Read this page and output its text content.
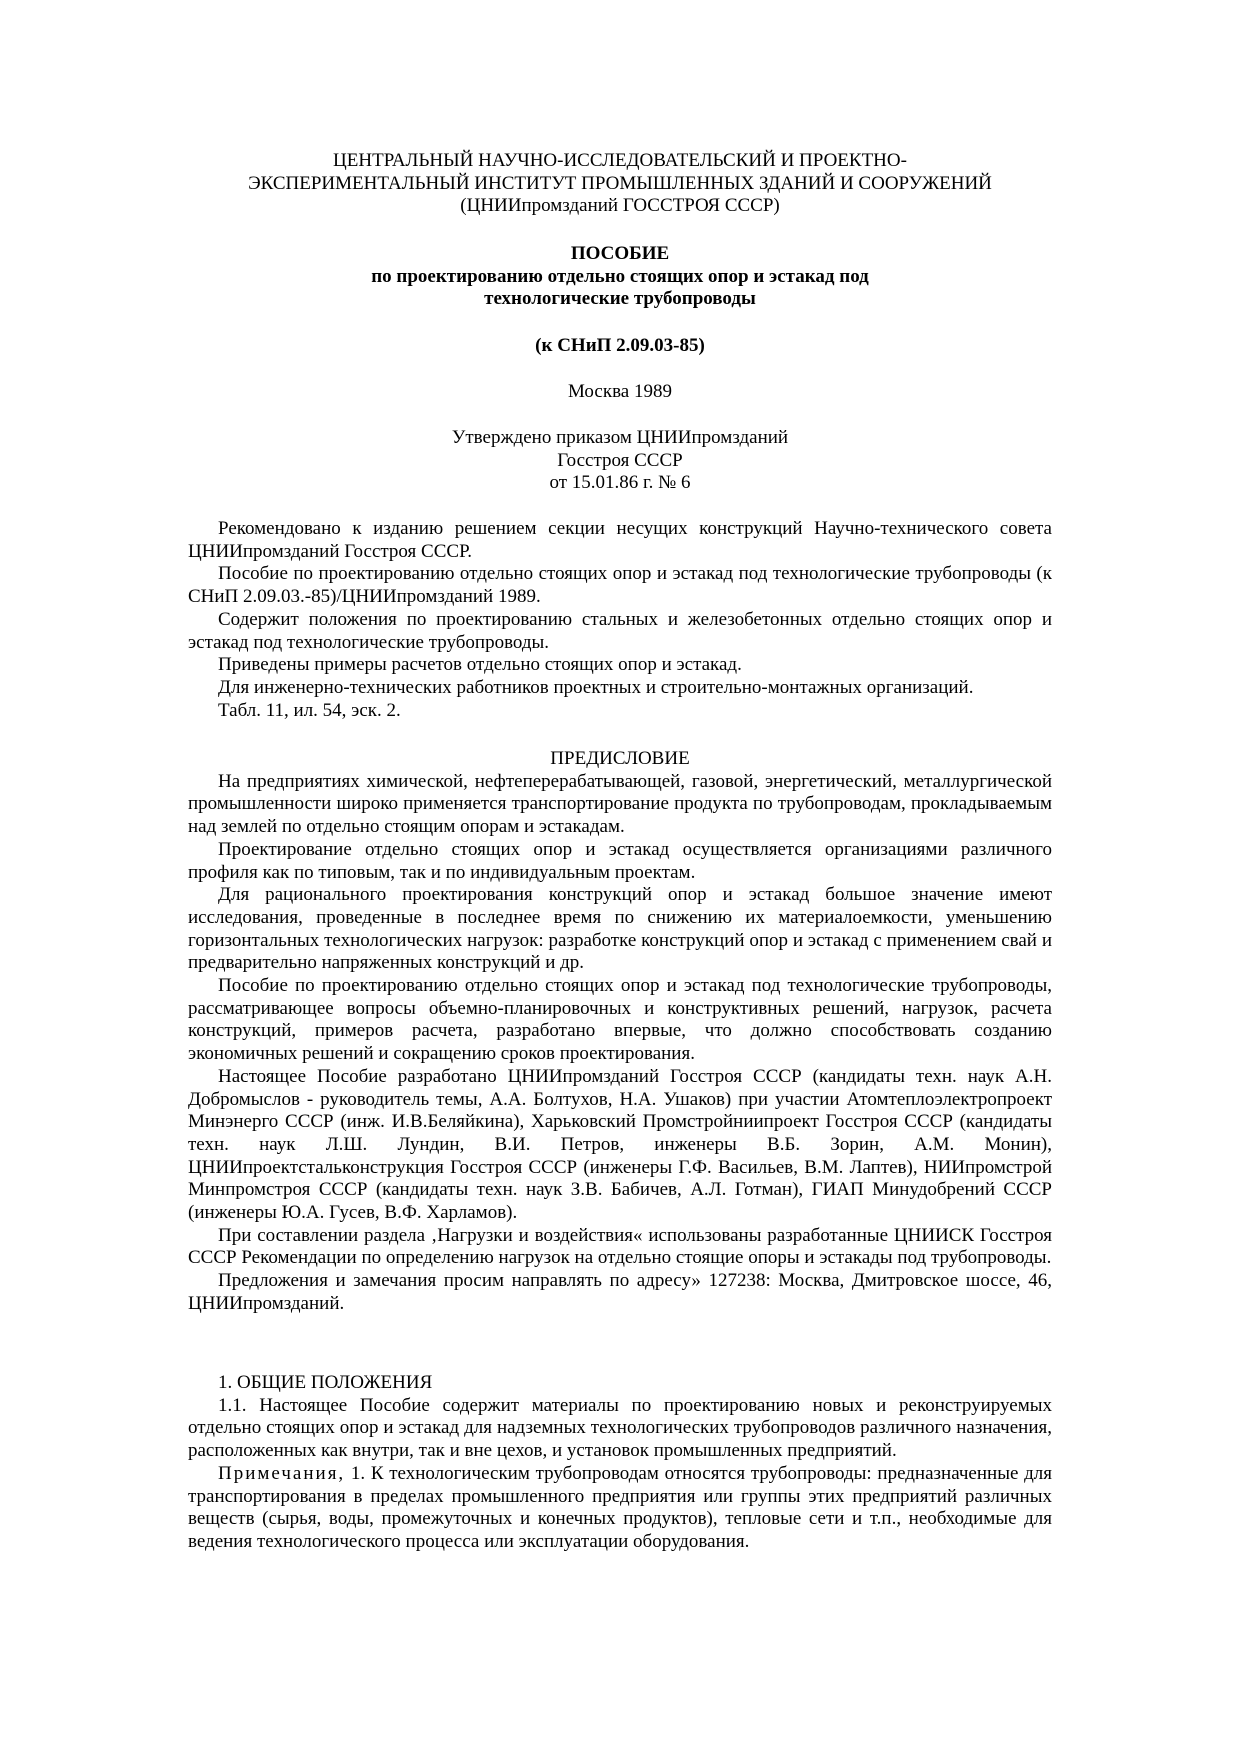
ЦЕНТРАЛЬНЫЙ НАУЧНО-ИССЛЕДОВАТЕЛЬСКИЙ И ПРОЕКТНО-
ЭКСПЕРИМЕНТАЛЬНЫЙ ИНСТИТУТ ПРОМЫШЛЕННЫХ ЗДАНИЙ И СООРУЖЕНИЙ
(ЦНИИпромзданий ГОССТРОЯ СССР)
ПОСОБИЕ
по проектированию отдельно стоящих опор и эстакад под
технологические трубопроводы
(к СНиП 2.09.03-85)
Москва 1989
Утверждено приказом ЦНИИпромзданий
Госстроя СССР
от 15.01.86 г. № 6

Рекомендовано к изданию решением секции несущих конструкций Научно-технического совета ЦНИИпромзданий Госстроя СССР.

Пособие по проектированию отдельно стоящих опор и эстакад под технологические трубопроводы (к СНиП 2.09.03.-85)/ЦНИИпромзданий 1989.

Содержит положения по проектированию стальных и железобетонных отдельно стоящих опор и эстакад под технологические трубопроводы.

Приведены примеры расчетов отдельно стоящих опор и эстакад.

Для инженерно-технических работников проектных и строительно-монтажных организаций.

Табл. 11, ил. 54, эск. 2.

ПРЕДИСЛОВИЕ

На предприятиях химической, нефтеперерабатывающей, газовой, энергетический, металлургической промышленности широко применяется транспортирование продукта по трубопроводам, прокладываемым над землей по отдельно стоящим опорам и эстакадам.

Проектирование отдельно стоящих опор и эстакад осуществляется организациями различного профиля как по типовым, так и по индивидуальным проектам.

Для рационального проектирования конструкций опор и эстакад большое значение имеют исследования, проведенные в последнее время по снижению их материалоемкости, уменьшению горизонтальных технологических нагрузок: разработке конструкций опор и эстакад с применением свай и предварительно напряженных конструкций и др.

Пособие по проектированию отдельно стоящих опор и эстакад под технологические трубопроводы, рассматривающее вопросы объемно-планировочных и конструктивных решений, нагрузок, расчета конструкций, примеров расчета, разработано впервые, что должно способствовать созданию экономичных решений и сокращению сроков проектирования.

Настоящее Пособие разработано ЦНИИпромзданий Госстроя СССР (кандидаты техн. наук А.Н. Добромыслов - руководитель темы, А.А. Болтухов, Н.А. Ушаков) при участии Атомтеплоэлектропроект Минэнерго СССР (инж. И.В.Беляйкина), Харьковский Промстройниипроект Госстроя СССР (кандидаты техн. наук Л.Ш. Лундин, В.И. Петров, инженеры В.Б. Зорин, А.М. Монин), ЦНИИпроектстальконструкция Госстроя СССР (инженеры Г.Ф. Васильев, В.М. Лаптев), НИИпромстрой Минпромстроя СССР (кандидаты техн. наук З.В. Бабичев, А.Л. Готман), ГИАП Минудобрений СССР (инженеры Ю.А. Гусев, В.Ф. Харламов).

При составлении раздела ‚Нагрузки и воздействия« использованы разработанные ЦНИИСК Госстроя СССР Рекомендации по определению нагрузок на отдельно стоящие опоры и эстакады под трубопроводы.

Предложения и замечания просим направлять по адресу» 127238: Москва, Дмитровское шоссе, 46, ЦНИИпромзданий.

1. ОБЩИЕ ПОЛОЖЕНИЯ

1.1. Настоящее Пособие содержит материалы по проектированию новых и реконструируемых отдельно стоящих опор и эстакад для надземных технологических трубопроводов различного назначения, расположенных как внутри, так и вне цехов, и установок промышленных предприятий.

Примечания, 1. К технологическим трубопроводам относятся трубопроводы: предназначенные для транспортирования в пределах промышленного предприятия или группы этих предприятий различных веществ (сырья, воды, промежуточных и конечных продуктов), тепловые сети и т.п., необходимые для ведения технологического процесса или эксплуатации оборудования.
